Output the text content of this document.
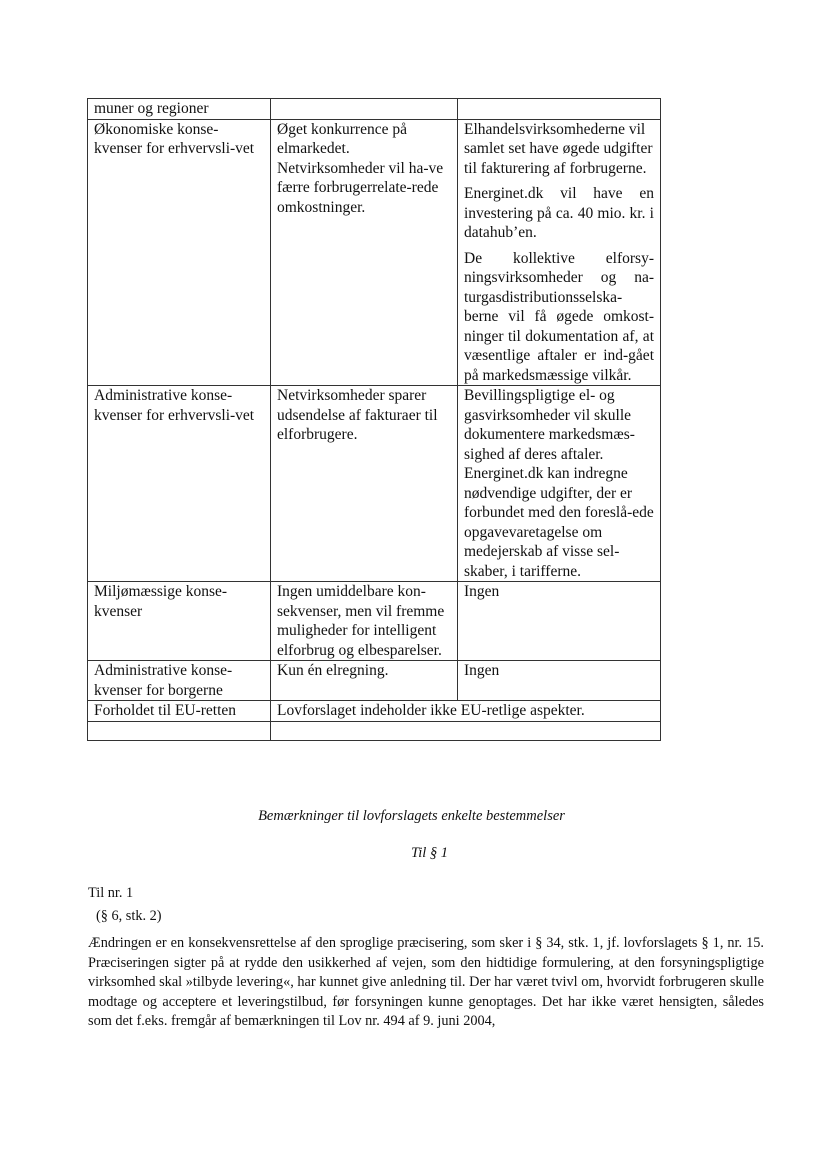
muner og regioner		
Økonomiske konse-kvenser for erhvervsli-vet	Øget konkurrence på elmarkedet. Netvirksomheder vil ha-ve færre forbrugerrelate-rede omkostninger.	Elhandelsvirksomhederne vil samlet set have øgede udgifter til fakturering af forbrugerne.
Energinet.dk vil have en investering på ca. 40 mio. kr. i datahub’en.
De kollektive elforsy-ningsvirksomheder og na-turgasdistributionsselska-berne vil få øgede omkost-ninger til dokumentation af, at væsentlige aftaler er ind-gået på markedsmæssige vilkår.

Administrative konse-kvenser for erhvervsli-vet	Netvirksomheder sparer udsendelse af fakturaer til elforbrugere.	Bevillingspligtige el- og gasvirksomheder vil skulle dokumentere markedsmæs-sighed af deres aftaler. Energinet.dk kan indregne nødvendige udgifter, der er forbundet med den foreslå-ede opgavevaretagelse om medejerskab af visse sel-skaber, i tarifferne.

Miljømæssige konse-kvenser	Ingen umiddelbare kon-sekvenser, men vil fremme muligheder for intelligent elforbrug og elbesparelser.	Ingen

Administrative konse-kvenser for borgerne	Kun én elregning.	Ingen

Forholdet til EU-retten	Lovforslaget indeholder ikke EU-retlige aspekter.	

Bemærkninger til lovforslagets enkelte bestemmelser
Til § 1
Til nr. 1
(§ 6, stk. 2)
Ændringen er en konsekvensrettelse af den sproglige præcisering, som sker i § 34, stk. 1, jf. lovforslagets § 1, nr. 15. Præciseringen sigter på at rydde den usikkerhed af vejen, som den hidtidige formulering, at den forsyningspligtige virksomhed skal »tilbyde levering«, har kunnet give anledning til. Der har været tvivl om, hvorvidt forbrugeren skulle modtage og acceptere et leveringstilbud, før forsyningen kunne genoptages. Det har ikke været hensigten, således som det f.eks. fremgår af bemærkningen til Lov nr. 494 af 9. juni 2004,
